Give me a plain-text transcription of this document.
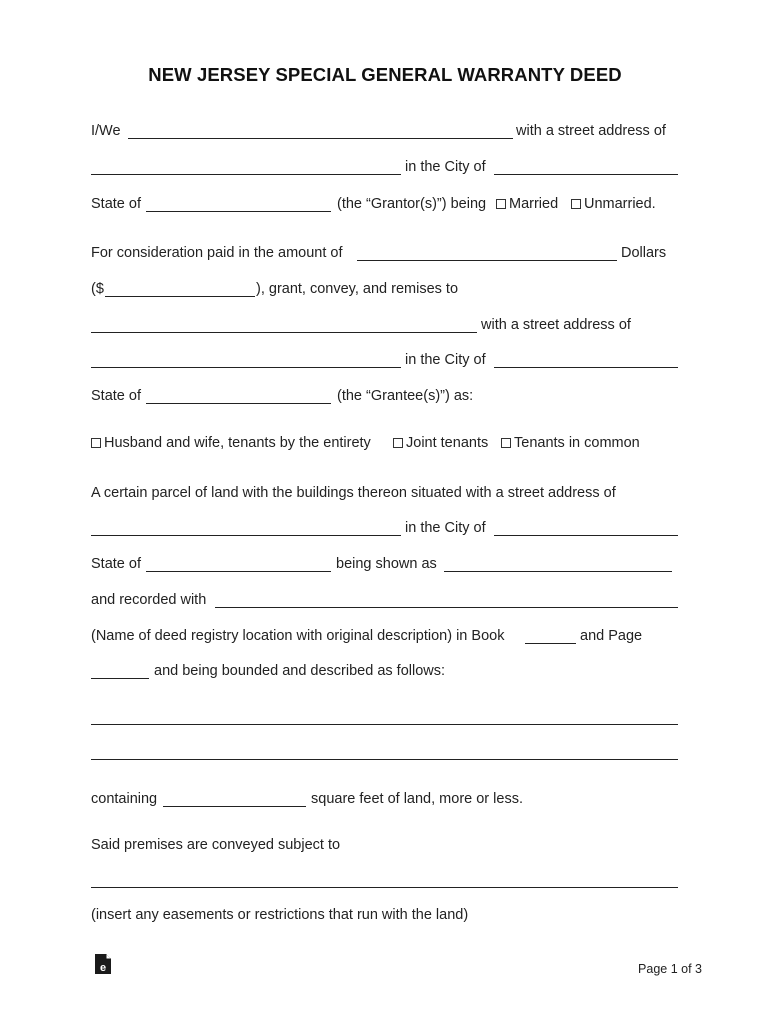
NEW JERSEY SPECIAL GENERAL WARRANTY DEED
I/We	with a street address of
in the City of
State of	(the “Grantor(s)”) being	Married	Unmarried.
For consideration paid in the amount of	Dollars
($	), grant, convey, and remises to
with a street address of
in the City of
State of	(the “Grantee(s)”) as:
Husband and wife, tenants by the entirety	Joint tenants	Tenants in common
A certain parcel of land with the buildings thereon situated with a street address of
in the City of
State of	being shown as
and recorded with
(Name of deed registry location with original description) in Book	and Page
and being bounded and described as follows:
containing	square feet of land, more or less.
Said premises are conveyed subject to
(insert any easements or restrictions that run with the land)
e	Page 1 of 3
